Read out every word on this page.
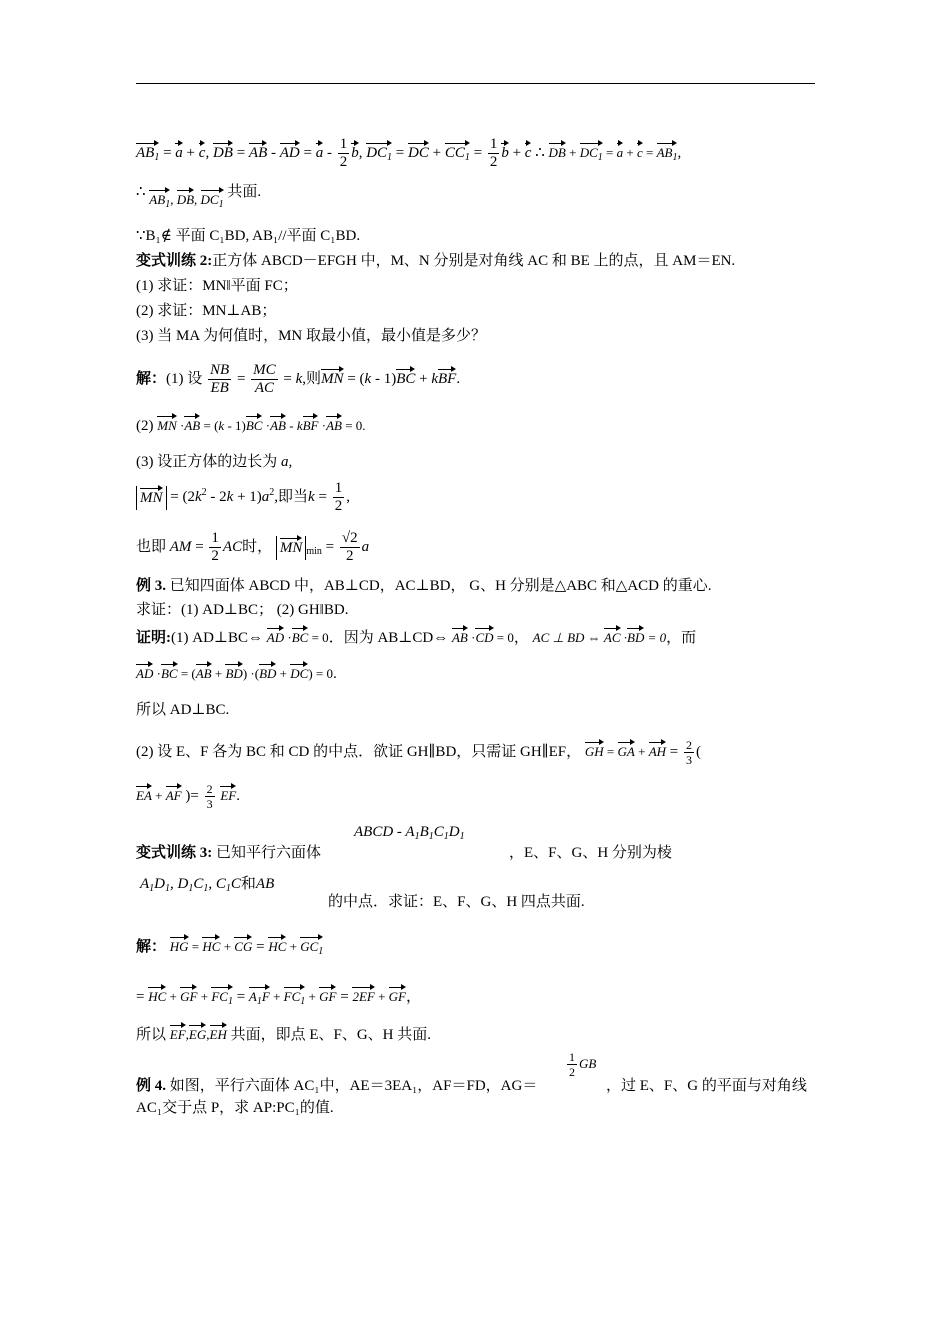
$AB_1 = a + c$, DB = AB - AD = a - $\frac{1}{2} b$, $DC_1$ = DC + $CC_1 = \frac{1}{2}$ b + c ∴ DB + $DC_1 = a + c = AB_1$,
∴ $AB_1$, DB, $DC_1$ 共面.
∵B₁∉ 平面 C₁BD, AB₁//平面 C₁BD.
变式训练 2:正方体 ABCD－EFGH 中，M、N 分别是对角线 AC 和 BE 上的点，且 AM＝EN.
(1) 求证：MN‖平面 FC；
(2) 求证：MN⊥AB；
(3) 当 MA 为何值时，MN 取最小值，最小值是多少？
解：(1) 设 $\frac{NB}{EB} = \frac{MC}{AC} = k$,则MN = (k - 1)BC + kBF.
(2) MN ·AB = (k - 1)BC ·AB - kBF ·AB = 0.
(3) 设正方体的边长为 a,
MN = $(2k^2 - 2k + 1)a^2$,即当$k = \frac{1}{2}$ ,
也即 AM = $\frac{1}{2}$ AC时， MN $_{min} = \frac{√2}{2}$ a
例 3. 已知四面体 ABCD 中，AB⊥CD，AC⊥BD， G、H 分别是△ABC 和△ACD 的重心.
求证：(1) AD⊥BC； (2) GH‖BD.
证明:(1) AD⊥BC⇔ AD ·BC = 0．因为 AB⊥CD⇔ AB ·CD = 0， AC ⊥ BD ⇔ AC ·BD = 0，而
AD ·BC = (AB + BD) ·(BD + DC) = 0.
所以 AD⊥BC.
(2) 设 E、F 各为 BC 和 CD 的中点．欲证 GH∥BD，只需证 GH∥EF， GH = GA + AH = $\frac{2}{3}$ (
EA + AF )= $\frac{2}{3}$ EF.
ABCD - $A_1B_1C_1D_1$
变式训练 3: 已知平行六面体	，E、F、G、H 分别为棱
$A_1D_1$, $D_1C_1$, $C_1C$和AB
的中点．求证：E、F、G、H 四点共面.
解： HG = HC + CG = HC + $GC_1$
= HC + GF + $FC_1 = A_1F + FC_1$ + GF = 2EF + GF，
所以 EF,EG,EH 共面，即点 E、F、G、H 共面.
$\frac{1}{2}$ GB
例 4. 如图，平行六面体 AC₁中，AE＝3EA₁，AF＝FD，AG＝	，过 E、F、G 的平面与对角线
AC₁交于点 P，求 AP:PC₁的值.
